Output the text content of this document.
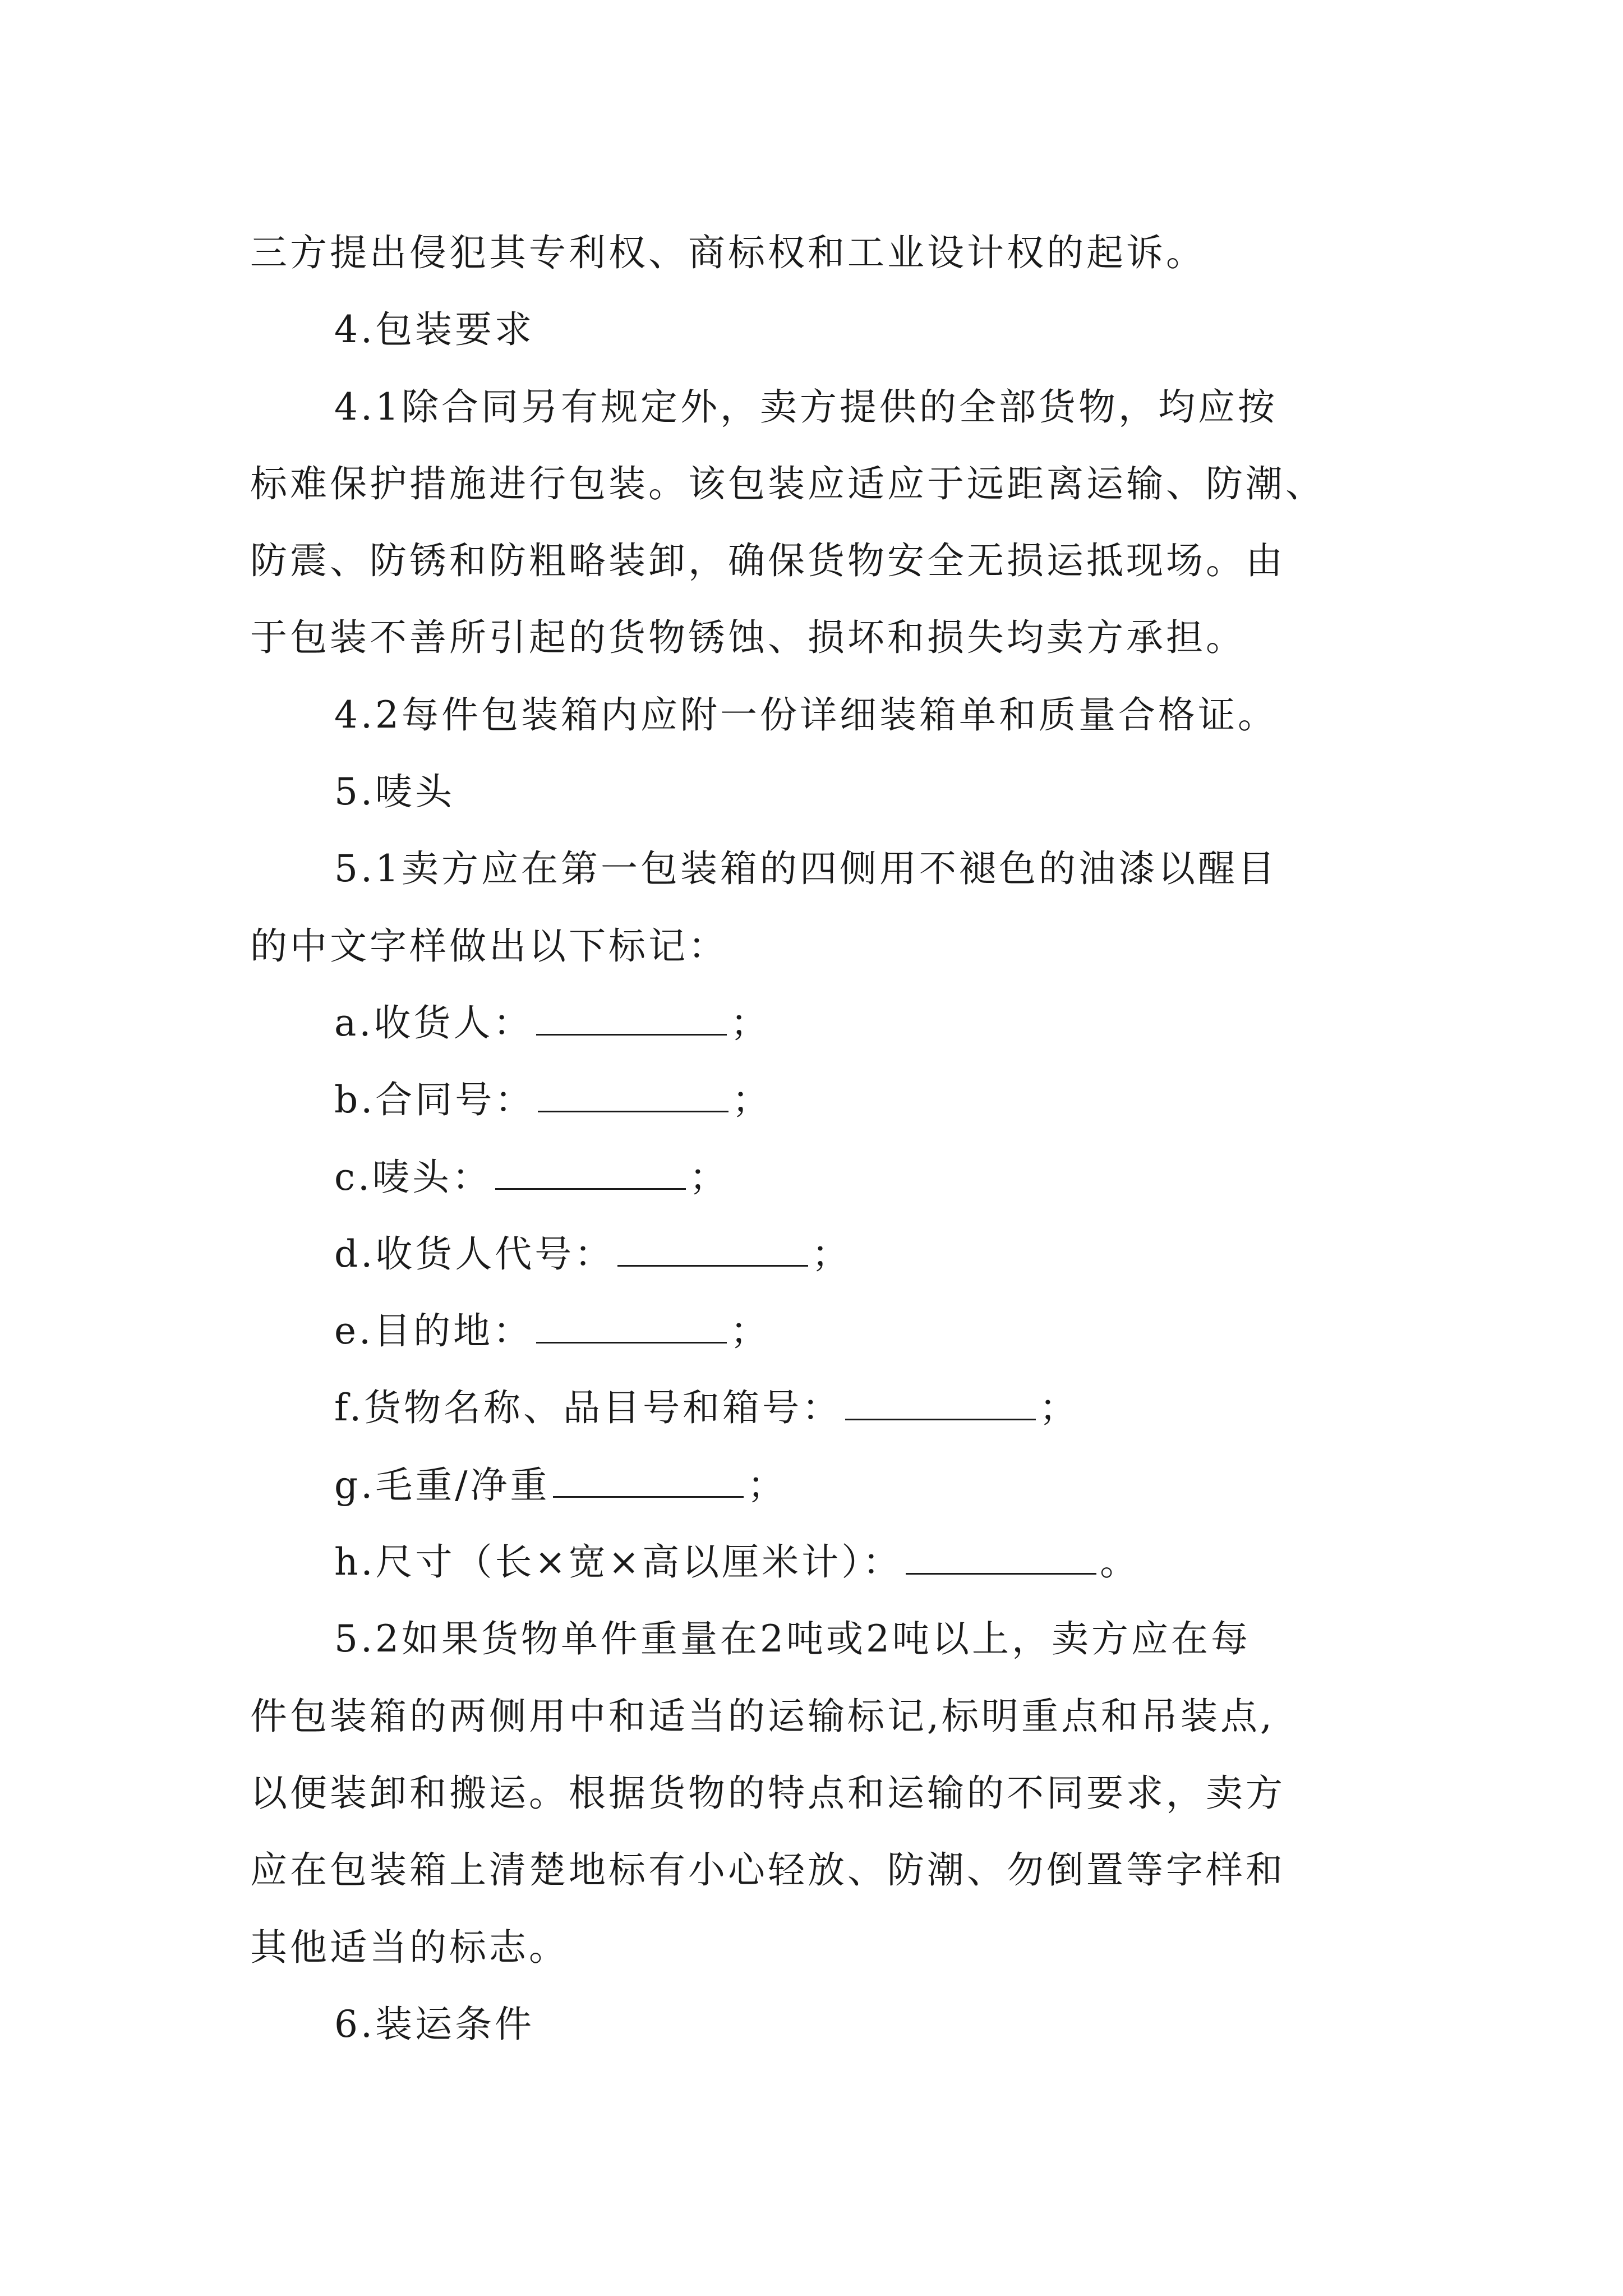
三方提出侵犯其专利权、商标权和工业设计权的起诉。
4.包装要求
4.1除合同另有规定外，卖方提供的全部货物，均应按
标难保护措施进行包装。该包装应适应于远距离运输、防潮、
防震、防锈和防粗略装卸，确保货物安全无损运抵现场。由
于包装不善所引起的货物锈蚀、损坏和损失均卖方承担。
4.2每件包装箱内应附一份详细装箱单和质量合格证。
5.唛头
5.1卖方应在第一包装箱的四侧用不褪色的油漆以醒目
的中文字样做出以下标记：
a.收货人：	；
b.合同号：	；
c.唛头：	；
d.收货人代号：	；
e.目的地：	；
f.货物名称、品目号和箱号：	；
g.毛重/净重	；
h.尺寸（长×宽×高以厘米计）：	。
5.2如果货物单件重量在2吨或2吨以上，卖方应在每
件包装箱的两侧用中和适当的运输标记,标明重点和吊装点,
以便装卸和搬运。根据货物的特点和运输的不同要求，卖方
应在包装箱上清楚地标有小心轻放、防潮、勿倒置等字样和
其他适当的标志。
6.装运条件
